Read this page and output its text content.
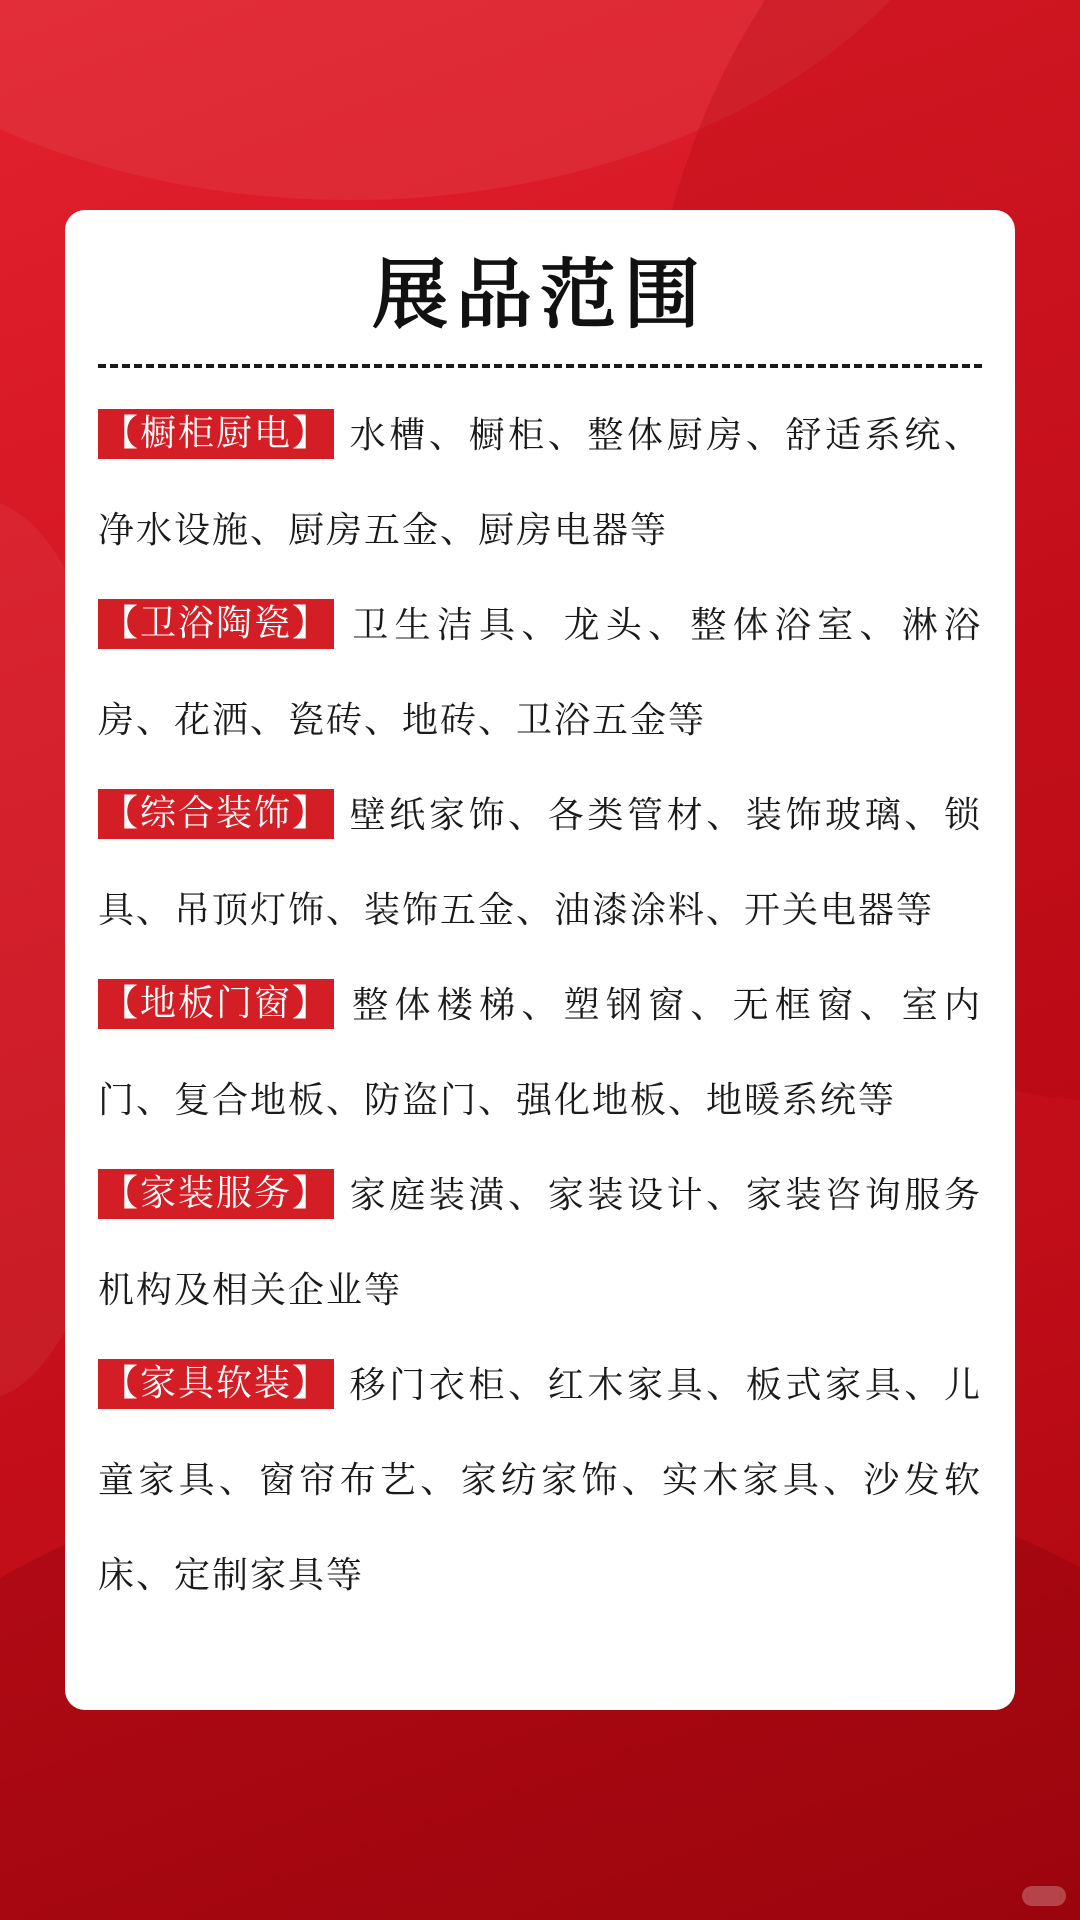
展品范围

【橱柜厨电】 水槽、橱柜、整体厨房、舒适系统、净水设施、厨房五金、厨房电器等

【卫浴陶瓷】 卫生洁具、龙头、整体浴室、淋浴房、花洒、瓷砖、地砖、卫浴五金等

【综合装饰】 壁纸家饰、各类管材、装饰玻璃、锁具、吊顶灯饰、装饰五金、油漆涂料、开关电器等

【地板门窗】 整体楼梯、塑钢窗、无框窗、室内门、复合地板、防盗门、强化地板、地暖系统等

【家装服务】 家庭装潢、家装设计、家装咨询服务机构及相关企业等

【家具软装】 移门衣柜、红木家具、板式家具、儿童家具、窗帘布艺、家纺家饰、实木家具、沙发软床、定制家具等
